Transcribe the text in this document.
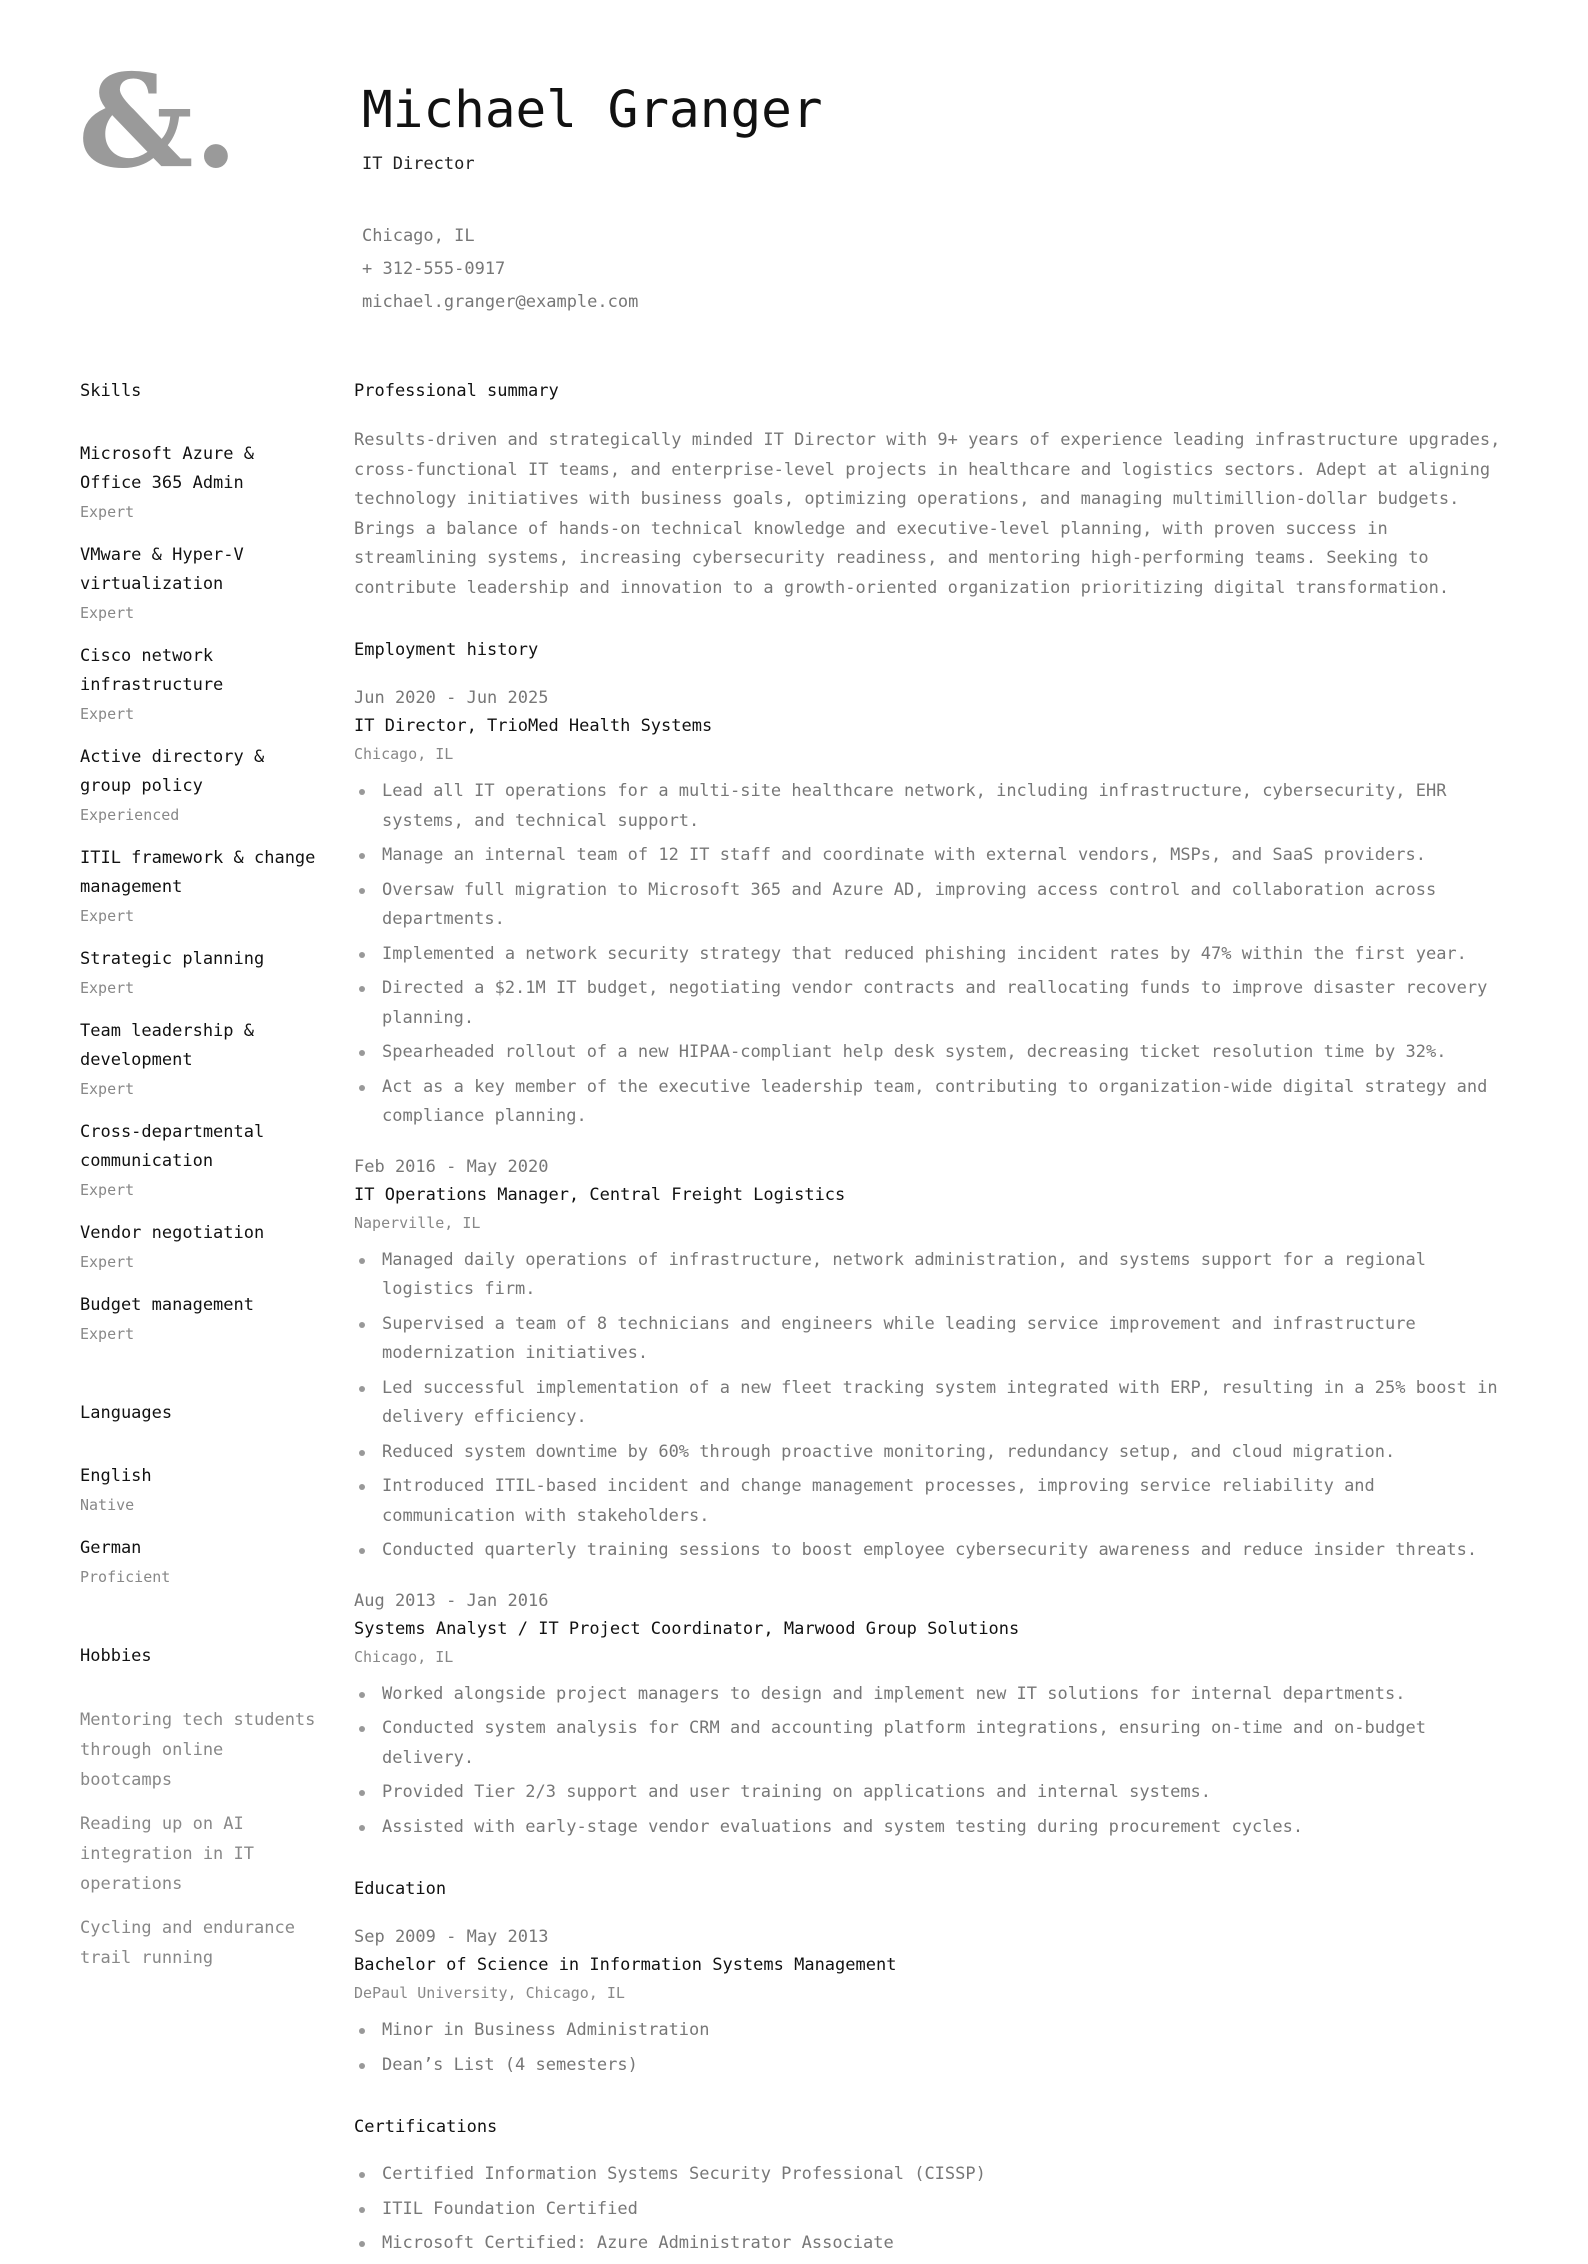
&. Michael Granger
IT Director
Chicago, IL
+ 312-555-0917
michael.granger@example.com
Skills
Microsoft Azure & Office 365 Admin
Expert
VMware & Hyper-V virtualization
Expert
Cisco network infrastructure
Expert
Active directory & group policy
Experienced
ITIL framework & change management
Expert
Strategic planning
Expert
Team leadership & development
Expert
Cross-departmental communication
Expert
Vendor negotiation
Expert
Budget management
Expert
Languages
English
Native
German
Proficient
Hobbies
Mentoring tech students through online bootcamps
Reading up on AI integration in IT operations
Cycling and endurance trail running
Professional summary
Results-driven and strategically minded IT Director with 9+ years of experience leading infrastructure upgrades, cross-functional IT teams, and enterprise-level projects in healthcare and logistics sectors. Adept at aligning technology initiatives with business goals, optimizing operations, and managing multimillion-dollar budgets. Brings a balance of hands-on technical knowledge and executive-level planning, with proven success in streamlining systems, increasing cybersecurity readiness, and mentoring high-performing teams. Seeking to contribute leadership and innovation to a growth-oriented organization prioritizing digital transformation.
Employment history
Jun 2020 - Jun 2025
IT Director, TrioMed Health Systems
Chicago, IL
Lead all IT operations for a multi-site healthcare network, including infrastructure, cybersecurity, EHR systems, and technical support.
Manage an internal team of 12 IT staff and coordinate with external vendors, MSPs, and SaaS providers.
Oversaw full migration to Microsoft 365 and Azure AD, improving access control and collaboration across departments.
Implemented a network security strategy that reduced phishing incident rates by 47% within the first year.
Directed a $2.1M IT budget, negotiating vendor contracts and reallocating funds to improve disaster recovery planning.
Spearheaded rollout of a new HIPAA-compliant help desk system, decreasing ticket resolution time by 32%.
Act as a key member of the executive leadership team, contributing to organization-wide digital strategy and compliance planning.
Feb 2016 - May 2020
IT Operations Manager, Central Freight Logistics
Naperville, IL
Managed daily operations of infrastructure, network administration, and systems support for a regional logistics firm.
Supervised a team of 8 technicians and engineers while leading service improvement and infrastructure modernization initiatives.
Led successful implementation of a new fleet tracking system integrated with ERP, resulting in a 25% boost in delivery efficiency.
Reduced system downtime by 60% through proactive monitoring, redundancy setup, and cloud migration.
Introduced ITIL-based incident and change management processes, improving service reliability and communication with stakeholders.
Conducted quarterly training sessions to boost employee cybersecurity awareness and reduce insider threats.
Aug 2013 - Jan 2016
Systems Analyst / IT Project Coordinator, Marwood Group Solutions
Chicago, IL
Worked alongside project managers to design and implement new IT solutions for internal departments.
Conducted system analysis for CRM and accounting platform integrations, ensuring on-time and on-budget delivery.
Provided Tier 2/3 support and user training on applications and internal systems.
Assisted with early-stage vendor evaluations and system testing during procurement cycles.
Education
Sep 2009 - May 2013
Bachelor of Science in Information Systems Management
DePaul University, Chicago, IL
Minor in Business Administration
Dean’s List (4 semesters)
Certifications
Certified Information Systems Security Professional (CISSP)
ITIL Foundation Certified
Microsoft Certified: Azure Administrator Associate
